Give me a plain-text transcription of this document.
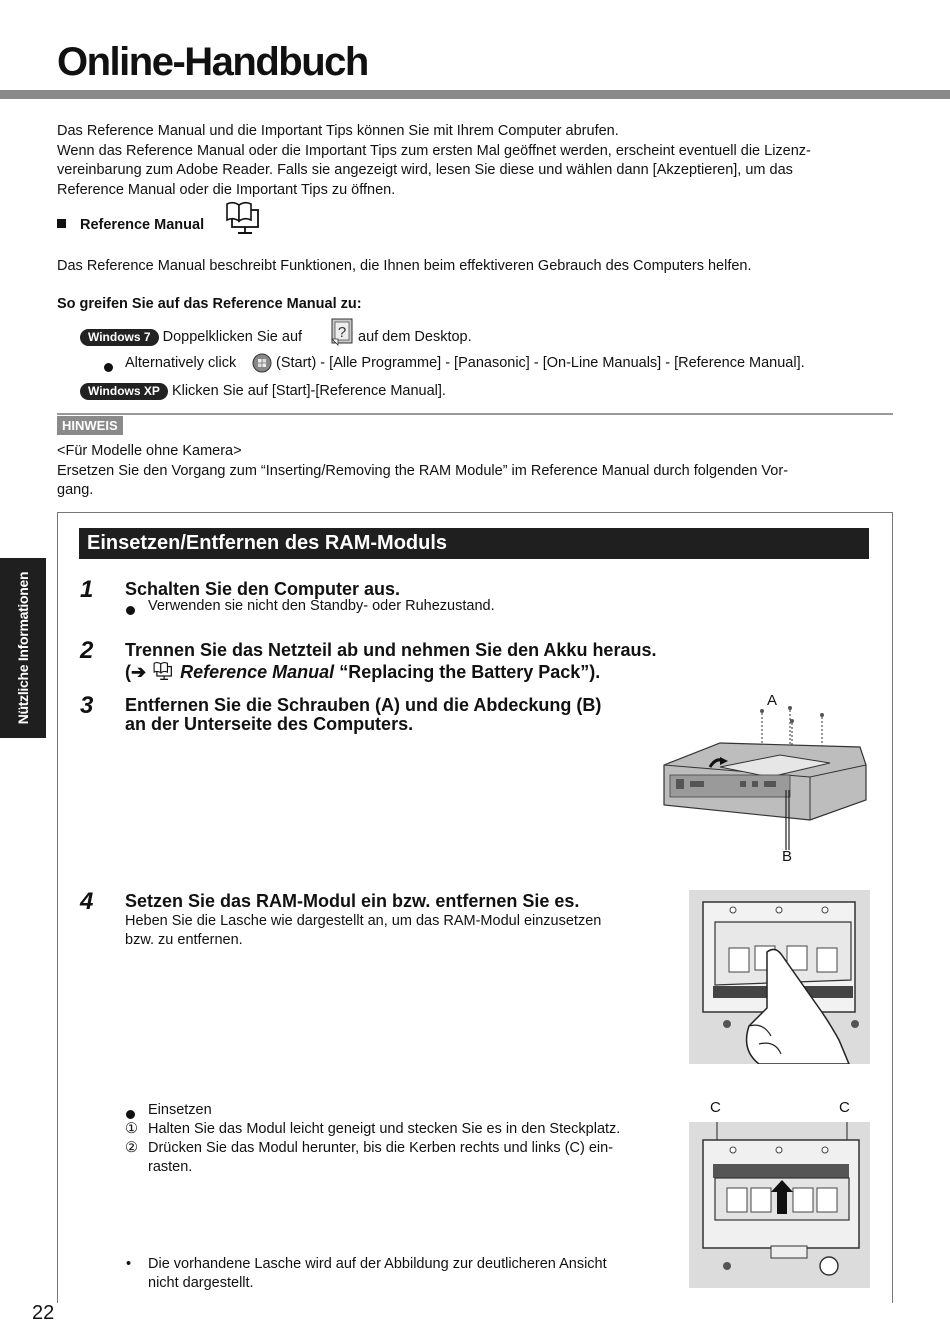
Online-Handbuch
Das Reference Manual und die Important Tips können Sie mit Ihrem Computer abrufen.
Wenn das Reference Manual oder die Important Tips zum ersten Mal geöffnet werden, erscheint eventuell die Lizenz-
vereinbarung zum Adobe Reader. Falls sie angezeigt wird, lesen Sie diese und wählen dann [Akzeptieren], um das
Reference Manual oder die Important Tips zu öffnen.
Reference Manual
Das Reference Manual beschreibt Funktionen, die Ihnen beim effektiveren Gebrauch des Computers helfen.
So greifen Sie auf das Reference Manual zu:
Windows 7 Doppelklicken Sie auf ? auf dem Desktop.
Alternatively click	(Start) - [Alle Programme] - [Panasonic] - [On-Line Manuals] - [Reference Manual].
Windows XP Klicken Sie auf [Start]-[Reference Manual].
HINWEIS
<Für Modelle ohne Kamera>
Ersetzen Sie den Vorgang zum “Inserting/Removing the RAM Module” im Reference Manual durch folgenden Vor-
gang.
Einsetzen/Entfernen des RAM-Moduls
Nützliche Informationen 1 Schalten Sie den Computer aus.
Verwenden sie nicht den Standby- oder Ruhezustand.
2 Trennen Sie das Netzteil ab und nehmen Sie den Akku heraus.
(➔ Reference Manual “Replacing the Battery Pack”).
3 Entfernen Sie die Schrauben (A) und die Abdeckung (B)
an der Unterseite des Computers.
A
B
4 Setzen Sie das RAM-Modul ein bzw. entfernen Sie es.
Heben Sie die Lasche wie dargestellt an, um das RAM-Modul einzusetzen
bzw. zu entfernen.
Einsetzen
① Halten Sie das Modul leicht geneigt und stecken Sie es in den Steckplatz.
② Drücken Sie das Modul herunter, bis die Kerben rechts und links (C) ein-
rasten.
C	C
• Die vorhandene Lasche wird auf der Abbildung zur deutlicheren Ansicht
nicht dargestellt.
22
